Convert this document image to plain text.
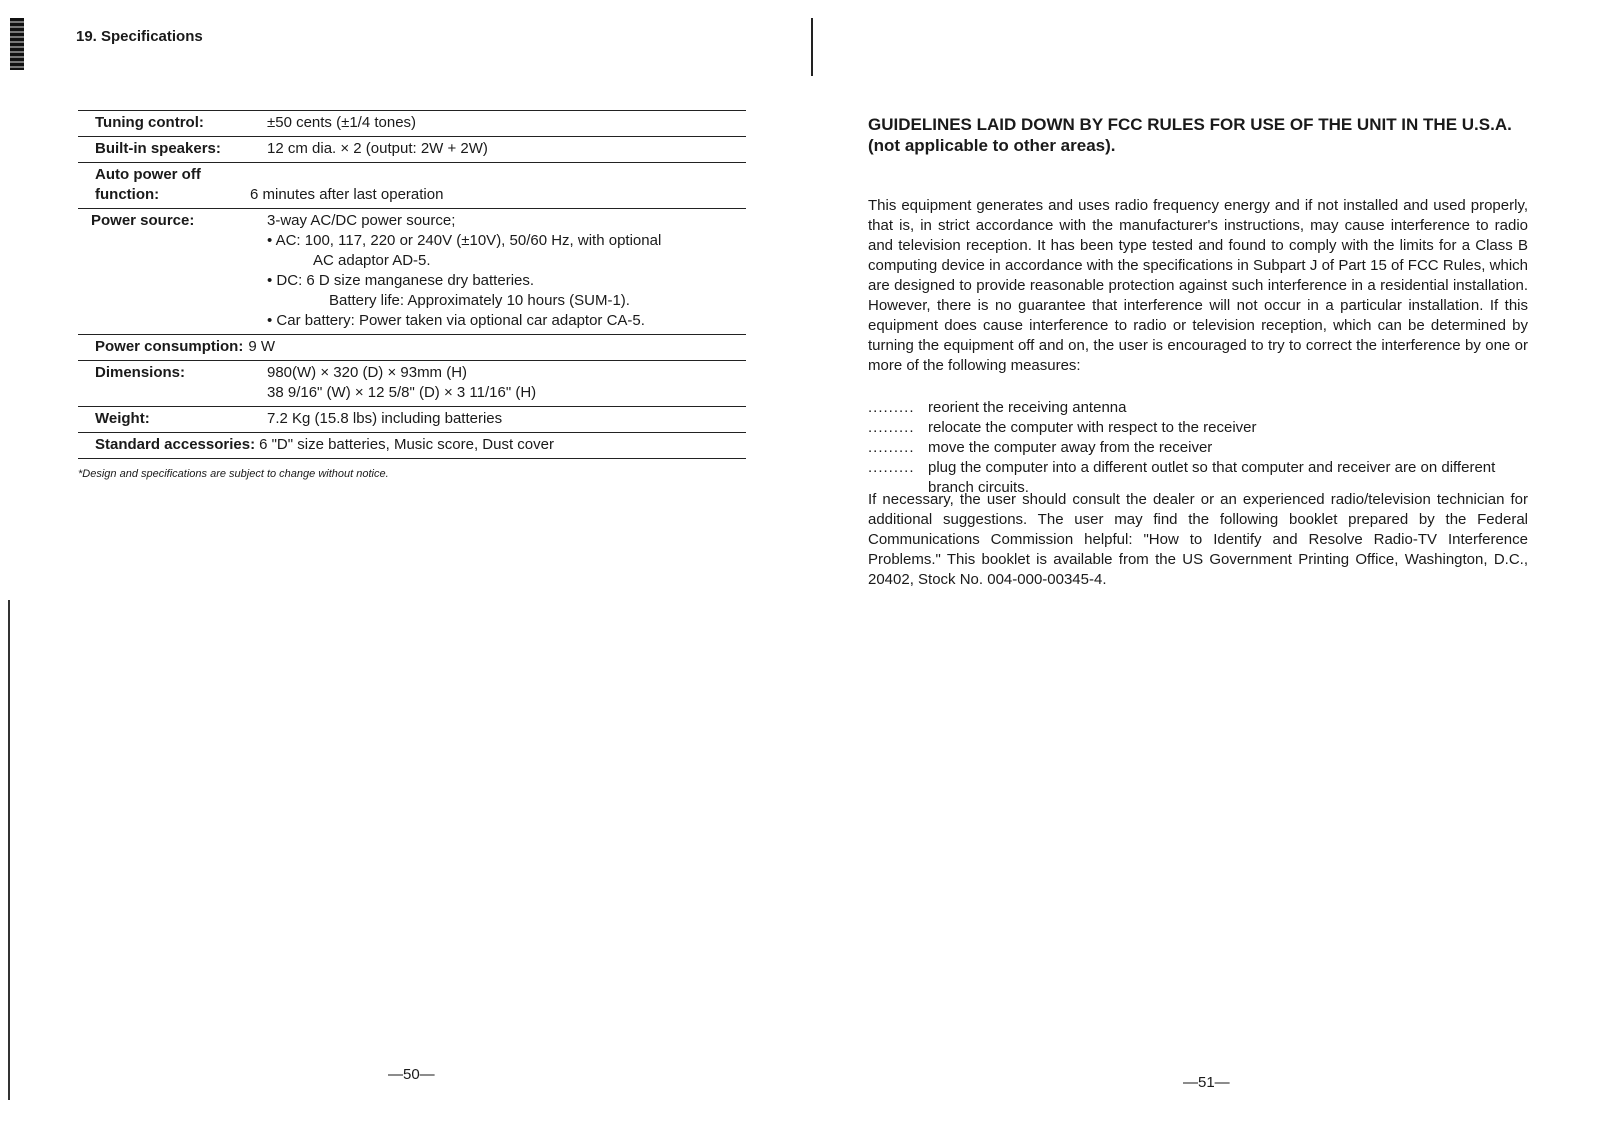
19. Specifications
Tuning control:	±50 cents (±1/4 tones)
Built-in speakers:	12 cm dia. × 2 (output: 2W + 2W)
Auto power off function:	6 minutes after last operation
Power source:	3-way AC/DC power source;
• AC: 100, 117, 220 or 240V (±10V), 50/60 Hz, with optional
AC adaptor AD-5.
• DC: 6 D size manganese dry batteries.
Battery life: Approximately 10 hours (SUM-1).
• Car battery: Power taken via optional car adaptor CA-5.
Power consumption: 9 W
Dimensions:	980(W) × 320 (D) × 93mm (H)
38 9/16" (W) × 12 5/8" (D) × 3 11/16" (H)
Weight:	7.2 Kg (15.8 lbs) including batteries
Standard accessories: 6 "D" size batteries, Music score, Dust cover
*Design and specifications are subject to change without notice.
—50—
GUIDELINES LAID DOWN BY FCC RULES FOR USE OF THE UNIT IN THE U.S.A. (not applicable to other areas).
This equipment generates and uses radio frequency energy and if not installed and used properly, that is, in strict accordance with the manufacturer's instructions, may cause interference to radio and television reception. It has been type tested and found to comply with the limits for a Class B computing device in accordance with the specifications in Subpart J of Part 15 of FCC Rules, which are designed to provide reasonable protection against such interference in a residential installation. However, there is no guarantee that interference will not occur in a particular installation. If this equipment does cause interference to radio or television reception, which can be determined by turning the equipment off and on, the user is encouraged to try to correct the interference by one or more of the following measures:
......... reorient the receiving antenna
......... relocate the computer with respect to the receiver
......... move the computer away from the receiver
......... plug the computer into a different outlet so that computer and receiver are on different branch circuits.
If necessary, the user should consult the dealer or an experienced radio/television technician for additional suggestions. The user may find the following booklet prepared by the Federal Communications Commission helpful: "How to Identify and Resolve Radio-TV Interference Problems." This booklet is available from the US Government Printing Office, Washington, D.C., 20402, Stock No. 004-000-00345-4.
—51—
